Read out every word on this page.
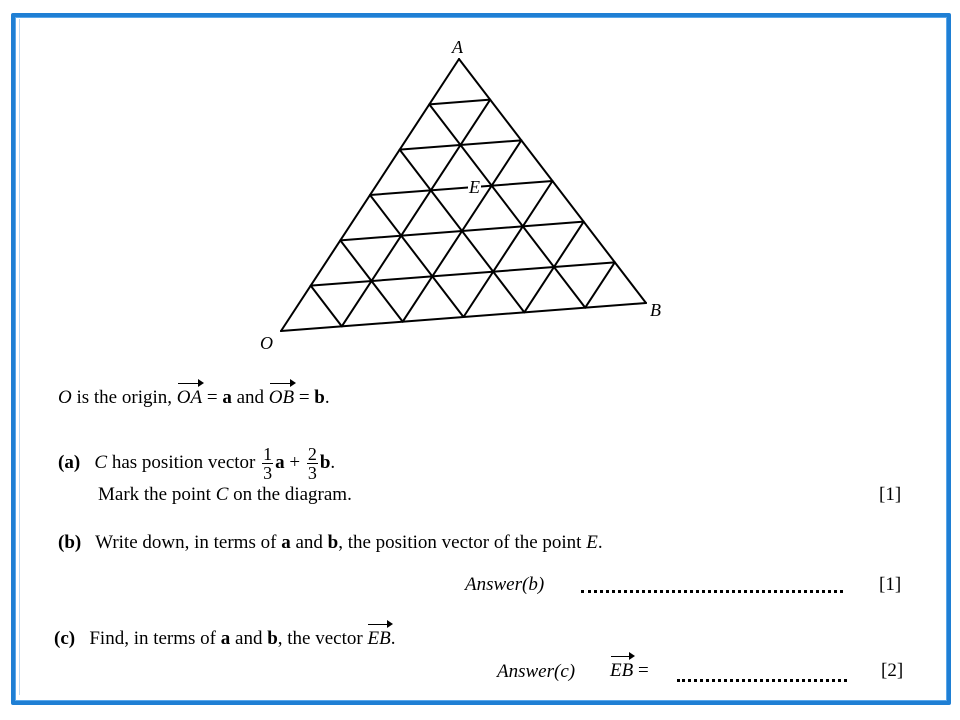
A
B
O
E
O is the origin, OA = a and OB = b.
(a) C has position vector $\frac{1}{3}$ $a + \frac{2}{3} b$.
Mark the point C on the diagram.	[1]
(b) Write down, in terms of a and b, the position vector of the point E.
Answer(b)	[1]
(c) Find, in terms of a and b, the vector EB.
Answer(c) EB =	[2]
